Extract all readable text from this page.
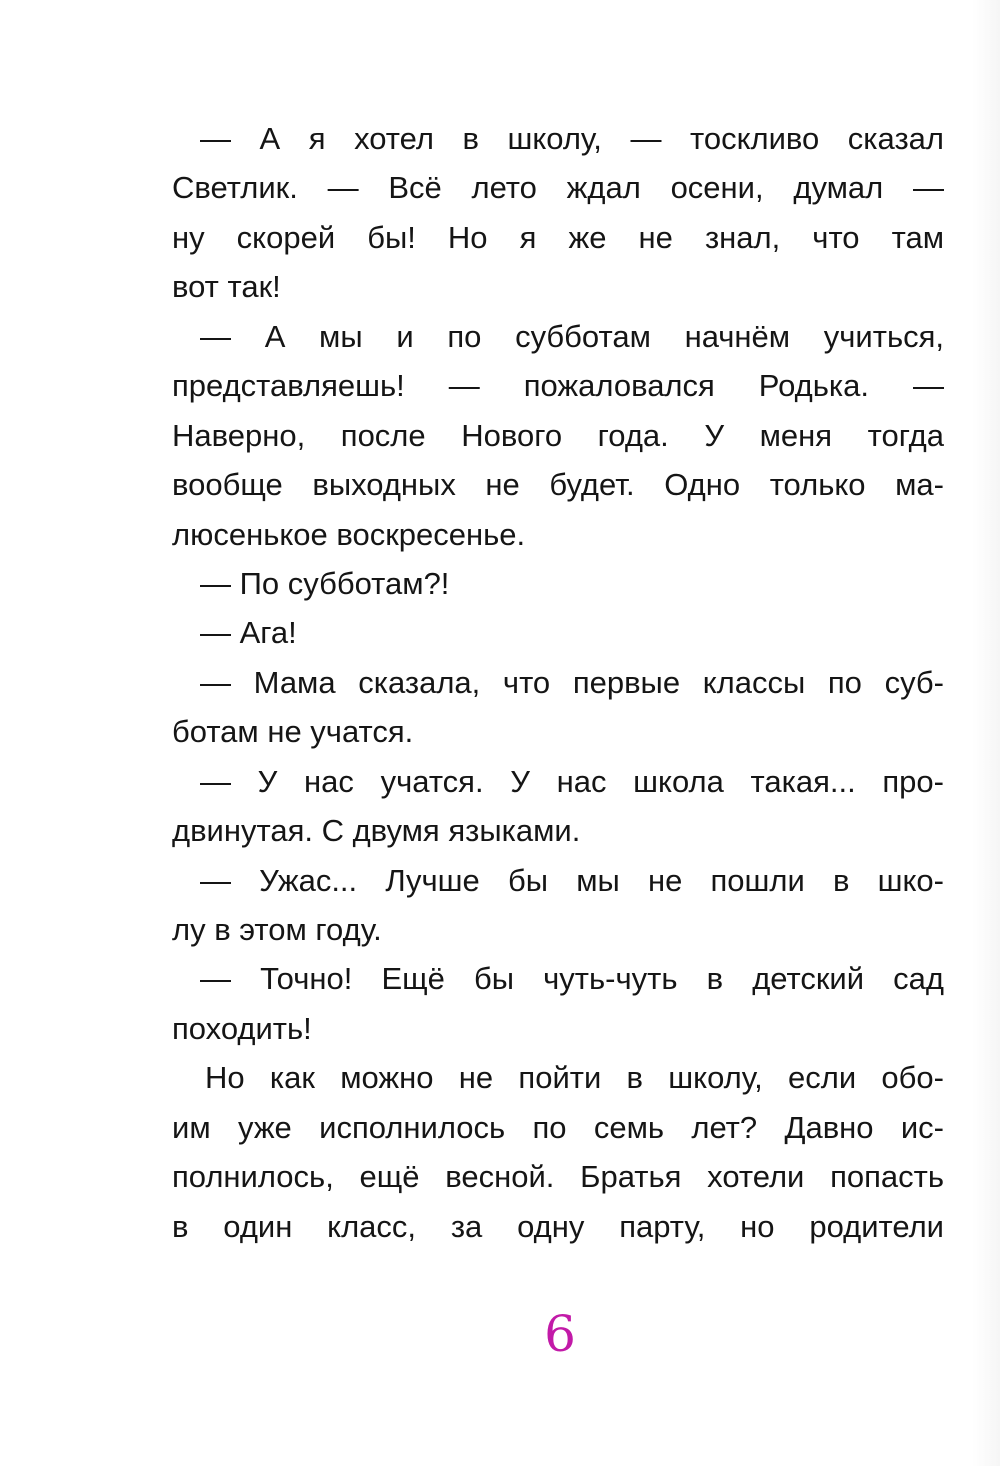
— А я хотел в школу, — тоскливо сказал
Светлик. — Всё лето ждал осени, думал —
ну скорей бы! Но я же не знал, что там
вот так!
— А мы и по субботам начнём учиться,
представляешь! — пожаловался Родька. —
Наверно, после Нового года. У меня тогда
вообще выходных не будет. Одно только ма-
люсенькое воскресенье.
— По субботам?!
— Ага!
— Мама сказала, что первые классы по суб-
ботам не учатся.
— У нас учатся. У нас школа такая... про-
двинутая. С двумя языками.
— Ужас... Лучше бы мы не пошли в шко-
лу в этом году.
— Точно! Ещё бы чуть-чуть в детский сад
походить!
Но как можно не пойти в школу, если обо-
им уже исполнилось по семь лет? Давно ис-
полнилось, ещё весной. Братья хотели попасть
в один класс, за одну парту, но родители
6
